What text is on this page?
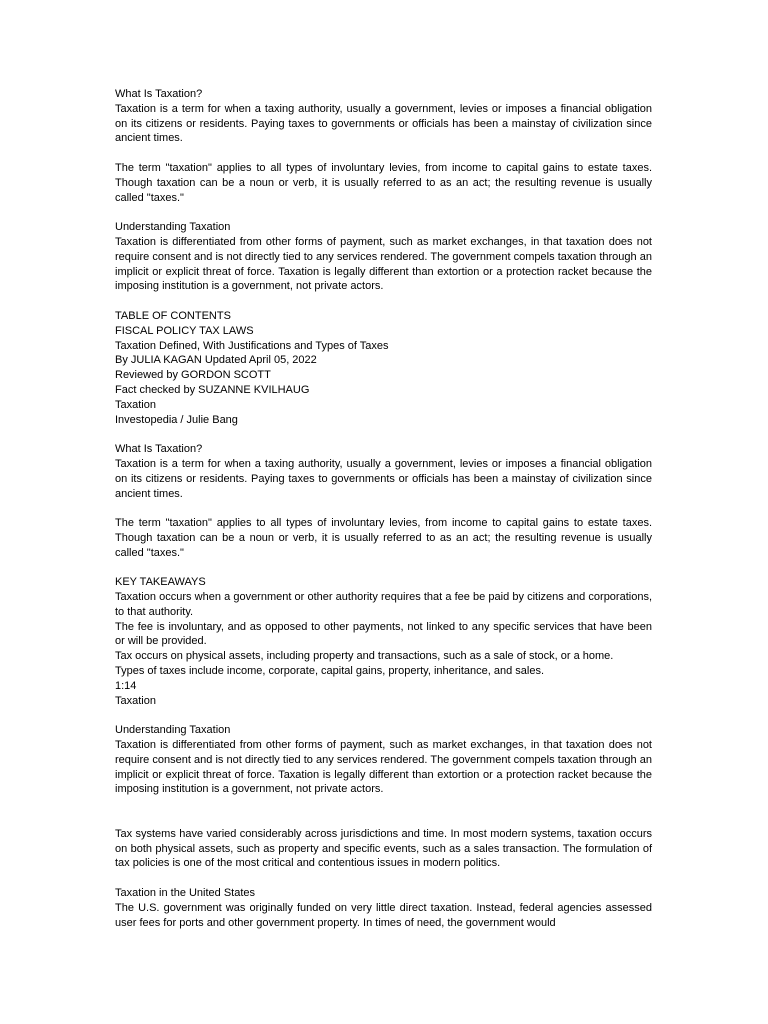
What Is Taxation?

Taxation is a term for when a taxing authority, usually a government, levies or imposes a financial obligation on its citizens or residents. Paying taxes to governments or officials has been a mainstay of civilization since ancient times.

The term "taxation" applies to all types of involuntary levies, from income to capital gains to estate taxes. Though taxation can be a noun or verb, it is usually referred to as an act; the resulting revenue is usually called "taxes."

Understanding Taxation

Taxation is differentiated from other forms of payment, such as market exchanges, in that taxation does not require consent and is not directly tied to any services rendered. The government compels taxation through an implicit or explicit threat of force. Taxation is legally different than extortion or a protection racket because the imposing institution is a government, not private actors.

TABLE OF CONTENTS

FISCAL POLICY TAX LAWS

Taxation Defined, With Justifications and Types of Taxes

By JULIA KAGAN Updated April 05, 2022

Reviewed by GORDON SCOTT

Fact checked by SUZANNE KVILHAUG

Taxation

Investopedia / Julie Bang

What Is Taxation?

Taxation is a term for when a taxing authority, usually a government, levies or imposes a financial obligation on its citizens or residents. Paying taxes to governments or officials has been a mainstay of civilization since ancient times.

The term "taxation" applies to all types of involuntary levies, from income to capital gains to estate taxes. Though taxation can be a noun or verb, it is usually referred to as an act; the resulting revenue is usually called "taxes."

KEY TAKEAWAYS

Taxation occurs when a government or other authority requires that a fee be paid by citizens and corporations, to that authority.

The fee is involuntary, and as opposed to other payments, not linked to any specific services that have been or will be provided.

Tax occurs on physical assets, including property and transactions, such as a sale of stock, or a home.

Types of taxes include income, corporate, capital gains, property, inheritance, and sales.

1:14

Taxation

Understanding Taxation

Taxation is differentiated from other forms of payment, such as market exchanges, in that taxation does not require consent and is not directly tied to any services rendered. The government compels taxation through an implicit or explicit threat of force. Taxation is legally different than extortion or a protection racket because the imposing institution is a government, not private actors.

Tax systems have varied considerably across jurisdictions and time. In most modern systems, taxation occurs on both physical assets, such as property and specific events, such as a sales transaction. The formulation of tax policies is one of the most critical and contentious issues in modern politics.

Taxation in the United States

The U.S. government was originally funded on very little direct taxation. Instead, federal agencies assessed user fees for ports and other government property. In times of need, the government would
